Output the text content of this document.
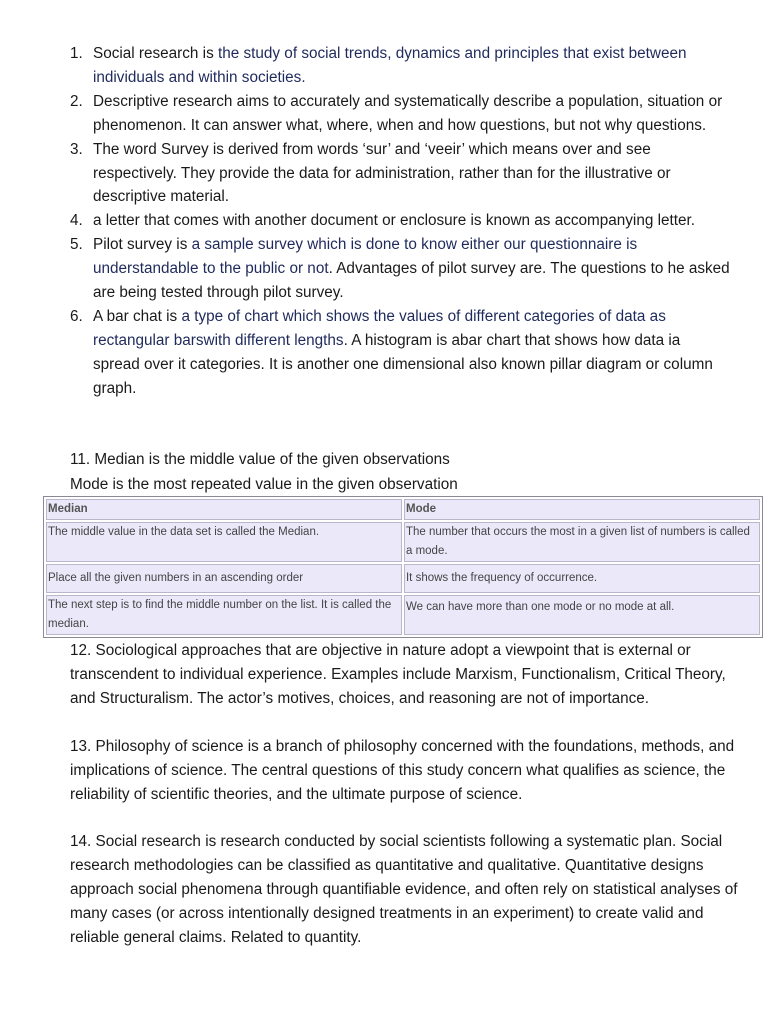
1. Social research is the study of social trends, dynamics and principles that exist between individuals and within societies.
2. Descriptive research aims to accurately and systematically describe a population, situation or phenomenon. It can answer what, where, when and how questions, but not why questions.
3. The word Survey is derived from words ‘sur’ and ‘veeir’ which means over and see respectively. They provide the data for administration, rather than for the illustrative or descriptive material.
4. a letter that comes with another document or enclosure is known as accompanying letter.
5. Pilot survey is a sample survey which is done to know either our questionnaire is understandable to the public or not. Advantages of pilot survey are. The questions to he asked are being tested through pilot survey.
6. A bar chat is a type of chart which shows the values of different categories of data as rectangular barswith different lengths. A histogram is abar chart that shows how data ia spread over it categories. It is another one dimensional also known pillar diagram or column graph.
11. Median is the middle value of the given observations
Mode is the most repeated value in the given observation
Median	Mode
The middle value in the data set is called the Median.	The number that occurs the most in a given list of numbers is called a mode.
Place all the given numbers in an ascending order	It shows the frequency of occurrence.
The next step is to find the middle number on the list. It is called the median.	We can have more than one mode or no mode at all.
12. Sociological approaches that are objective in nature adopt a viewpoint that is external or transcendent to individual experience. Examples include Marxism, Functionalism, Critical Theory, and Structuralism. The actor’s motives, choices, and reasoning are not of importance.
13. Philosophy of science is a branch of philosophy concerned with the foundations, methods, and implications of science. The central questions of this study concern what qualifies as science, the reliability of scientific theories, and the ultimate purpose of science.
14. Social research is research conducted by social scientists following a systematic plan. Social research methodologies can be classified as quantitative and qualitative. Quantitative designs approach social phenomena through quantifiable evidence, and often rely on statistical analyses of many cases (or across intentionally designed treatments in an experiment) to create valid and reliable general claims. Related to quantity.
